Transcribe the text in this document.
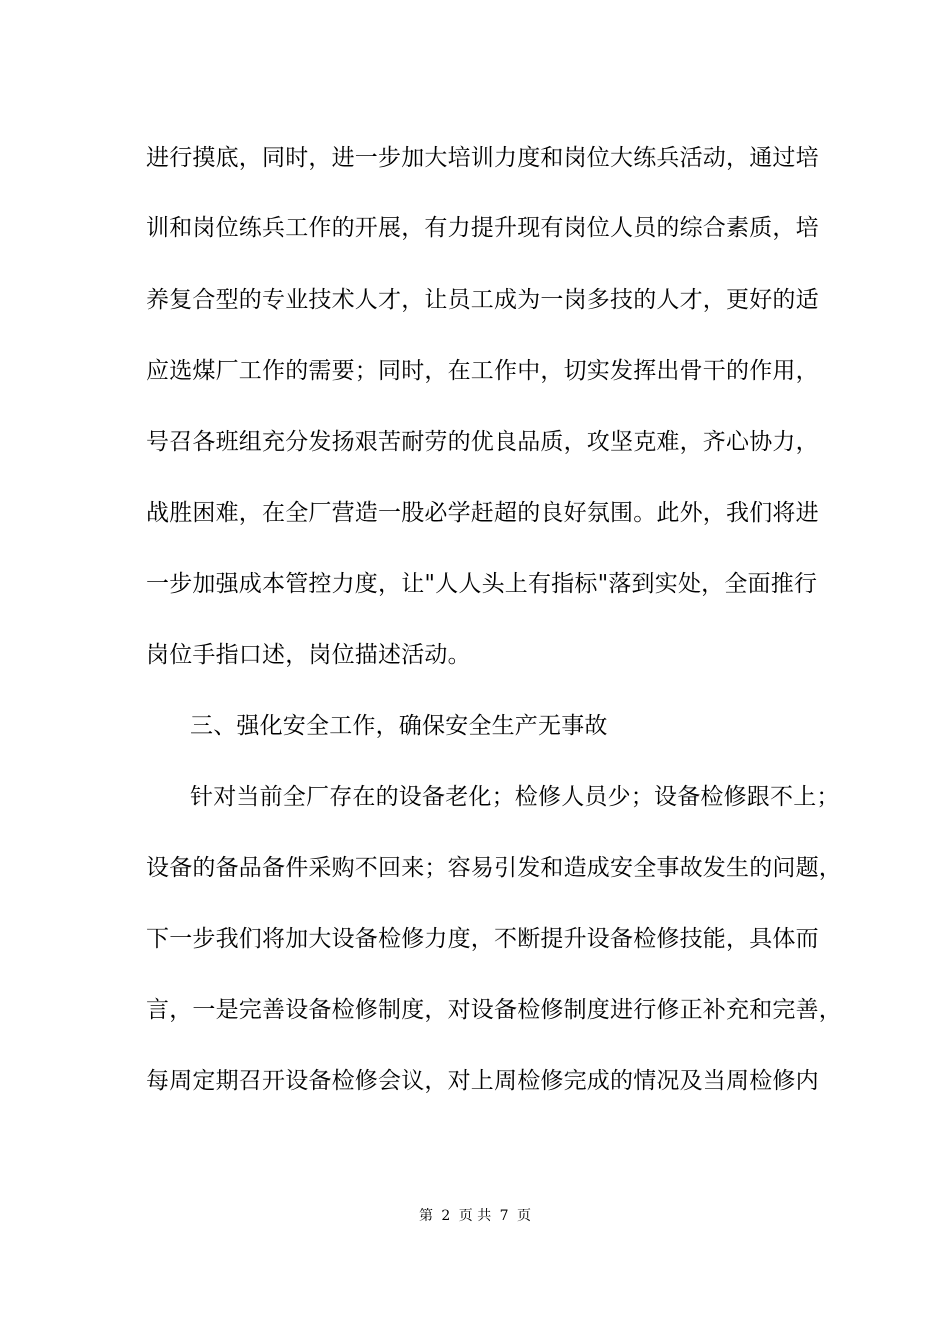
进行摸底，同时，进一步加大培训力度和岗位大练兵活动，通过培
训和岗位练兵工作的开展，有力提升现有岗位人员的综合素质，培
养复合型的专业技术人才，让员工成为一岗多技的人才，更好的适
应选煤厂工作的需要；同时，在工作中，切实发挥出骨干的作用，
号召各班组充分发扬艰苦耐劳的优良品质，攻坚克难，齐心协力，
战胜困难，在全厂营造一股必学赶超的良好氛围。此外，我们将进
一步加强成本管控力度，让"人人头上有指标"落到实处，全面推行
岗位手指口述，岗位描述活动。
三、强化安全工作，确保安全生产无事故
针对当前全厂存在的设备老化；检修人员少；设备检修跟不上；
设备的备品备件采购不回来；容易引发和造成安全事故发生的问题，
下一步我们将加大设备检修力度，不断提升设备检修技能，具体而
言，一是完善设备检修制度，对设备检修制度进行修正补充和完善，
每周定期召开设备检修会议，对上周检修完成的情况及当周检修内
第 2 页 共 7 页
